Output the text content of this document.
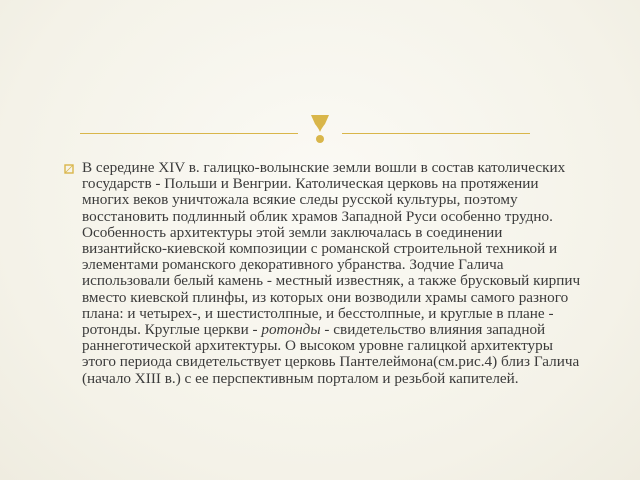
В середине XIV в. галицко-волынские земли вошли в состав католических государств - Польши и Венгрии. Католическая церковь на протяжении многих веков уничтожала всякие следы русской культуры, поэтому восстановить подлинный облик храмов Западной Руси особенно трудно. Особенность архитектуры этой земли заключалась в соединении византийско-киевской композиции с романской строительной техникой и элементами романского декоративного убранства. Зодчие Галича использовали белый камень - местный известняк, а также брусковый кирпич вместо киевской плинфы, из которых они возводили храмы самого разного плана: и четырех-, и шестистолпные, и бесстолпные, и круглые в плане - ротонды. Круглые церкви - ротонды - свидетельство влияния западной раннеготической архитектуры. О высоком уровне галицкой архитектуры этого периода свидетельствует церковь Пантелеймона(см.рис.4) близ Галича (начало XIII в.) с ее перспективным порталом и резьбой капителей.
